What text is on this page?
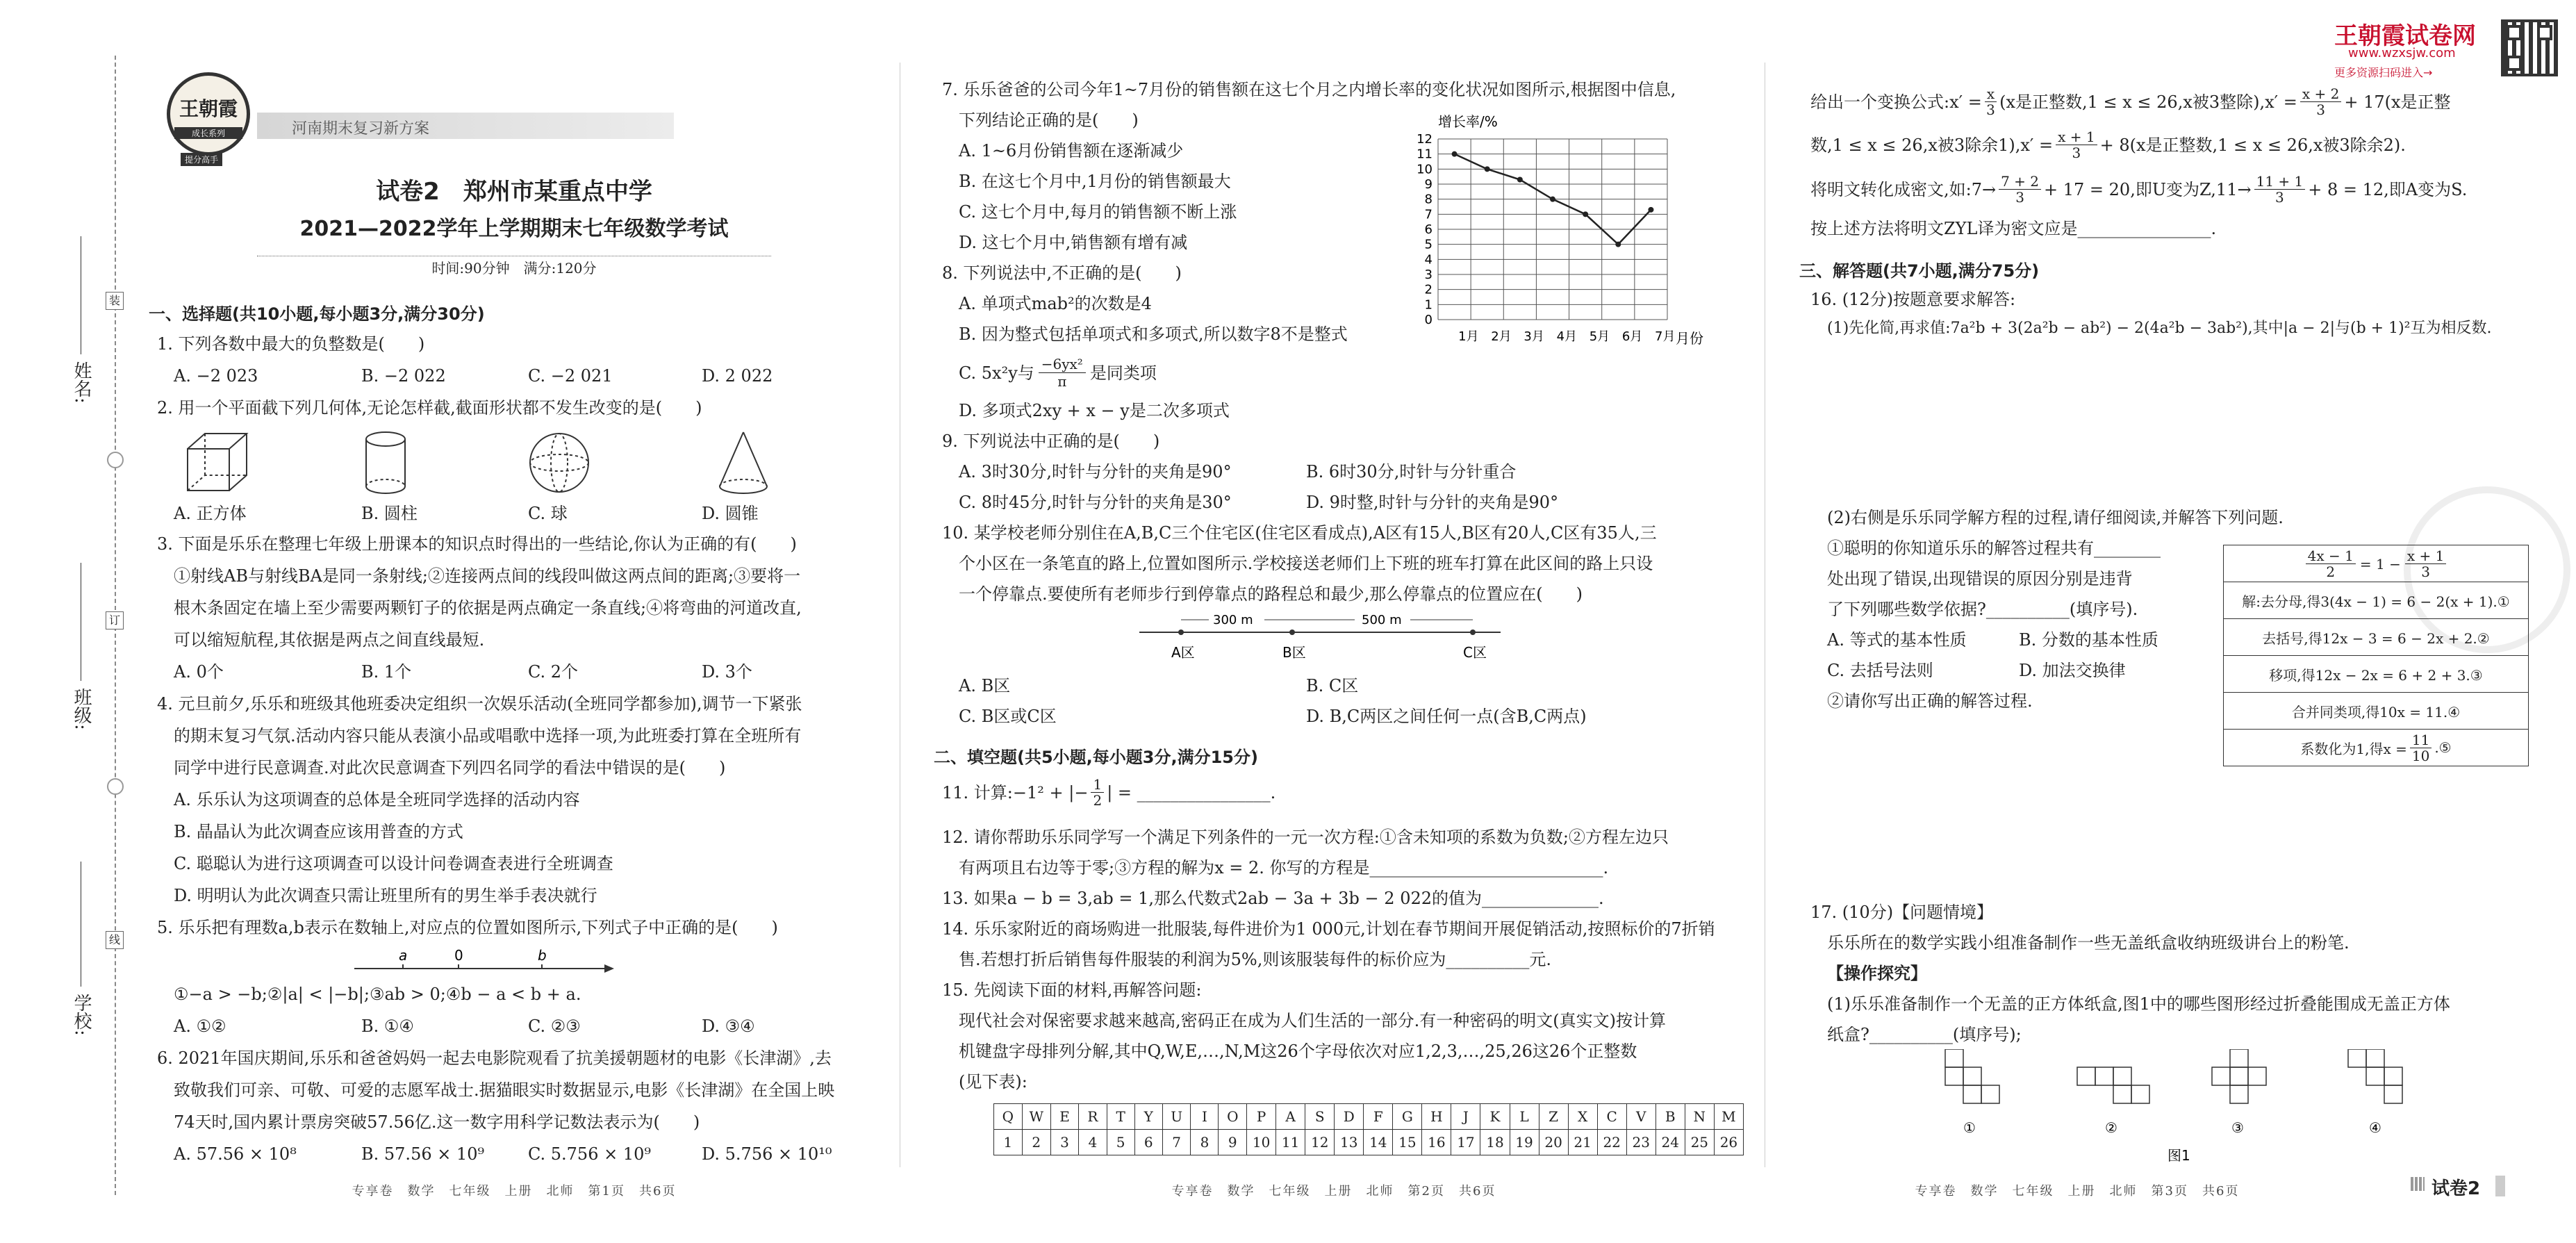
姓名:
班级:
学校:
装
订
线
王朝霞
成长系列
提分高手
河南期末复习新方案
试卷2　郑州市某重点中学
2021—2022学年上学期期末七年级数学考试
时间:90分钟　满分:120分
一、选择题(共10小题,每小题3分,满分30分)
1. 下列各数中最大的负整数是(　　)
A. −2 023	B. −2 022	C. −2 021	D. 2 022
2. 用一个平面截下列几何体,无论怎样截,截面形状都不发生改变的是(　　)
A. 正方体	B. 圆柱	C. 球	D. 圆锥
3. 下面是乐乐在整理七年级上册课本的知识点时得出的一些结论,你认为正确的有(　　)
①射线AB与射线BA是同一条射线;②连接两点间的线段叫做这两点间的距离;③要将一
根木条固定在墙上至少需要两颗钉子的依据是两点确定一条直线;④将弯曲的河道改直,
可以缩短航程,其依据是两点之间直线最短.
A. 0个	B. 1个	C. 2个	D. 3个
4. 元旦前夕,乐乐和班级其他班委决定组织一次娱乐活动(全班同学都参加),调节一下紧张
的期末复习气氛.活动内容只能从表演小品或唱歌中选择一项,为此班委打算在全班所有
同学中进行民意调查.对此次民意调查下列四名同学的看法中错误的是(　　)
A. 乐乐认为这项调查的总体是全班同学选择的活动内容
B. 晶晶认为此次调查应该用普查的方式
C. 聪聪认为进行这项调查可以设计问卷调查表进行全班调查
D. 明明认为此次调查只需让班里所有的男生举手表决就行
5. 乐乐把有理数a,b表示在数轴上,对应点的位置如图所示,下列式子中正确的是(　　)
a	0	b
①−a > −b;②|a| < |−b|;③ab > 0;④b − a < b + a.
A. ①②	B. ①④	C. ②③	D. ③④
6. 2021年国庆期间,乐乐和爸爸妈妈一起去电影院观看了抗美援朝题材的电影《长津湖》,去
致敬我们可亲、可敬、可爱的志愿军战士.据猫眼实时数据显示,电影《长津湖》在全国上映
74天时,国内累计票房突破57.56亿.这一数字用科学记数法表示为(　　)
A. 57.56 × 10⁸	B. 57.56 × 10⁹	C. 5.756 × 10⁹	D. 5.756 × 10¹⁰
专享卷　数学　七年级　上册　北师　第1页　共6页
7. 乐乐爸爸的公司今年1~7月份的销售额在这七个月之内增长率的变化状况如图所示,根据图中信息,
下列结论正确的是(　　)
A. 1~6月份销售额在逐渐减少
B. 在这七个月中,1月份的销售额最大
C. 这七个月中,每月的销售额不断上涨
D. 这七个月中,销售额有增有减
增长率/%
0
1
2
3
4
5
6
7
8
9
10
11
12
1月 2月 3月 4月 5月 6月 7月 月份
8. 下列说法中,不正确的是(　　)
A. 单项式mab²的次数是4
B. 因为整式包括单项式和多项式,所以数字8不是整式
C. 5x²y与 $\frac{\text{−6yx²}}{\pi}$ 是同类项
D. 多项式2xy + x − y是二次多项式
9. 下列说法中正确的是(　　)
A. 3时30分,时针与分针的夹角是90°	B. 6时30分,时针与分针重合
C. 8时45分,时针与分针的夹角是30°	D. 9时整,时针与分针的夹角是90°
10. 某学校老师分别住在A,B,C三个住宅区(住宅区看成点),A区有15人,B区有20人,C区有35人,三
个小区在一条笔直的路上,位置如图所示.学校接送老师们上下班的班车打算在此区间的路上只设
一个停靠点.要使所有老师步行到停靠点的路程总和最少,那么停靠点的位置应在(　　)
300 m	500 m
A区	B区	C区
A. B区	B. C区
C. B区或C区	D. B,C两区之间任何一点(含B,C两点)
二、填空题(共5小题,每小题3分,满分15分)
11. 计算:−1² + |− $\frac{1}{2}$ | = ________________.
12. 请你帮助乐乐同学写一个满足下列条件的一元一次方程:①含未知项的系数为负数;②方程左边只
有两项且右边等于零;③方程的解为x = 2. 你写的方程是____________________________.
13. 如果a − b = 3,ab = 1,那么代数式2ab − 3a + 3b − 2 022的值为______________.
14. 乐乐家附近的商场购进一批服装,每件进价为1 000元,计划在春节期间开展促销活动,按照标价的7折销
售.若想打折后销售每件服装的利润为5%,则该服装每件的标价应为__________元.
15. 先阅读下面的材料,再解答问题:
现代社会对保密要求越来越高,密码正在成为人们生活的一部分.有一种密码的明文(真实文)按计算
机键盘字母排列分解,其中Q,W,E,…,N,M这26个字母依次对应1,2,3,…,25,26这26个正整数
(见下表):
Q	W	E	R	T	Y	U	I	O	P	A	S	D	F	G	H	J	K	L	Z	X	C	V	B	N	M
1	2	3	4	5	6	7	8	9	10	11	12	13	14	15	16	17	18	19	20	21	22	23	24	25	26
专享卷　数学　七年级　上册　北师　第2页　共6页
王朝霞试卷网
www.wzxsjw.com
更多资源扫码进入→
给出一个变换公式:x′ = $\frac{x}{3} (x$是正整数,1 ≤ x ≤ 26,x被3整除)$,x' = \frac{x + 2}{3} + 17(x$是正整
数,1 ≤ x ≤ 26,x被3除余$1),x' = \frac{x + 1}{3} + 8(x$是正整数,1 ≤ x ≤ 26,x被3除余2).
将明文转化成密文,如:7→ $\frac{7 + 2}{3} + 17 = 20$,即U变为$Z,11\to \frac{11 + 1}{3} + 8 = 12$,即A变为S.
按上述方法将明文ZYL译为密文应是________________.
三、解答题(共7小题,满分75分)
16. (12分)按题意要求解答:
(1)先化简,再求值:7a²b + 3(2a²b − ab²) − 2(4a²b − 3ab²),其中|a − 2|与(b + 1)²互为相反数.
(2)右侧是乐乐同学解方程的过程,请仔细阅读,并解答下列问题.
①聪明的你知道乐乐的解答过程共有________
处出现了错误,出现错误的原因分别是违背
了下列哪些数学依据?__________(填序号).
A. 等式的基本性质	B. 分数的基本性质
C. 去括号法则	D. 加法交换律
②请你写出正确的解答过程.
$\frac{4x - 1}{2} = 1 - \frac{x + 1}{3}$

解:去分母,得3(4x − 1) = 6 − 2(x + 1).①
去括号,得12x − 3 = 6 − 2x + 2.②
移项,得12x − 2x = 6 + 2 + 3.③
合并同类项,得10x = 11.④

系数化为1,得$x = \frac{11}{10}$ .⑤
17. (10分)【问题情境】
乐乐所在的数学实践小组准备制作一些无盖纸盒收纳班级讲台上的粉笔.
【操作探究】
(1)乐乐准备制作一个无盖的正方体纸盒,图1中的哪些图形经过折叠能围成无盖正方体
纸盒?__________(填序号);
①	②	③	④
图1
专享卷　数学　七年级　上册　北师　第3页　共6页	试卷2
